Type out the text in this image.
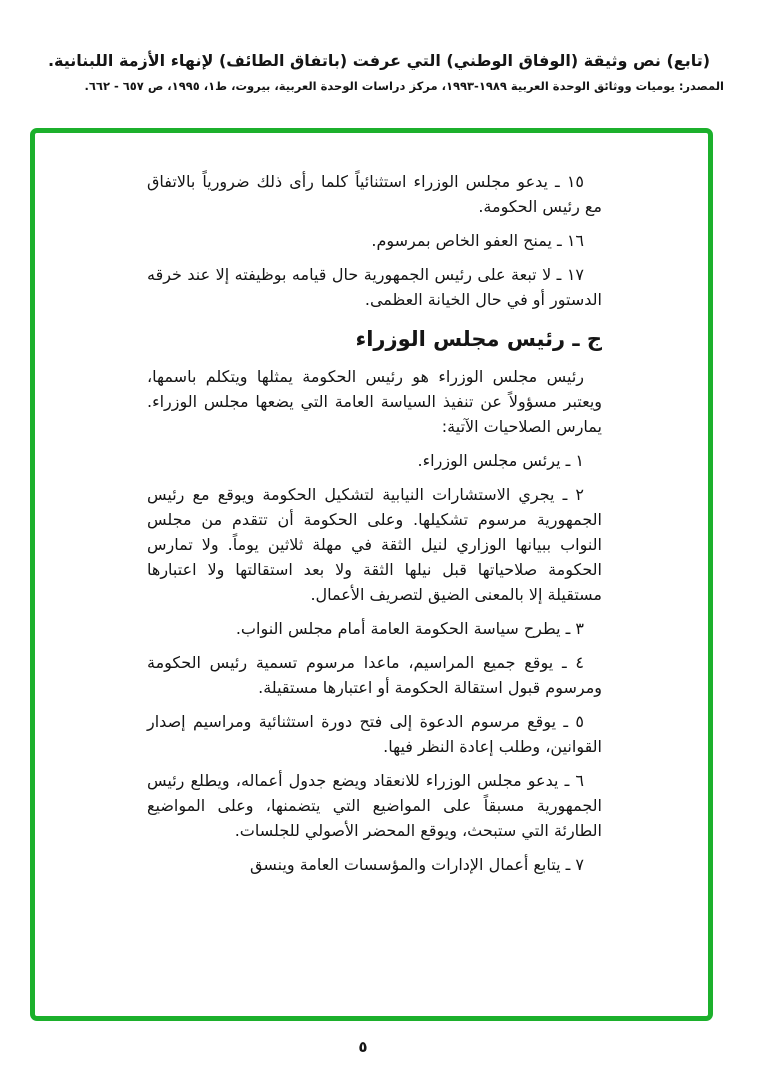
(تابع) نص وثيقة (الوفاق الوطني) التي عرفت (باتفاق الطائف) لإنهاء الأزمة اللبنانية.
المصدر: يوميات ووثائق الوحدة العربية ١٩٨٩-١٩٩٣، مركز دراسات الوحدة العربية، بيروت، ط١، ١٩٩٥، ص ٦٥٧ - ٦٦٢.

١٥ ـ يدعو مجلس الوزراء استثنائياً كلما رأى ذلك ضرورياً بالاتفاق مع رئيس الحكومة.

١٦ ـ يمنح العفو الخاص بمرسوم.

١٧ ـ لا تبعة على رئيس الجمهورية حال قيامه بوظيفته إلا عند خرقه الدستور أو في حال الخيانة العظمى.

ج ـ رئيس مجلس الوزراء

رئيس مجلس الوزراء هو رئيس الحكومة يمثلها ويتكلم باسمها، ويعتبر مسؤولاً عن تنفيذ السياسة العامة التي يضعها مجلس الوزراء. يمارس الصلاحيات الآتية:

١ ـ يرئس مجلس الوزراء.

٢ ـ يجري الاستشارات النيابية لتشكيل الحكومة ويوقع مع رئيس الجمهورية مرسوم تشكيلها. وعلى الحكومة أن تتقدم من مجلس النواب ببيانها الوزاري لنيل الثقة في مهلة ثلاثين يوماً. ولا تمارس الحكومة صلاحياتها قبل نيلها الثقة ولا بعد استقالتها ولا اعتبارها مستقيلة إلا بالمعنى الضيق لتصريف الأعمال.

٣ ـ يطرح سياسة الحكومة العامة أمام مجلس النواب.

٤ ـ يوقع جميع المراسيم، ماعدا مرسوم تسمية رئيس الحكومة ومرسوم قبول استقالة الحكومة أو اعتبارها مستقيلة.

٥ ـ يوقع مرسوم الدعوة إلى فتح دورة استثنائية ومراسيم إصدار القوانين، وطلب إعادة النظر فيها.

٦ ـ يدعو مجلس الوزراء للانعقاد ويضع جدول أعماله، ويطلع رئيس الجمهورية مسبقاً على المواضيع التي يتضمنها، وعلى المواضيع الطارئة التي ستبحث، ويوقع المحضر الأصولي للجلسات.

٧ ـ يتابع أعمال الإدارات والمؤسسات العامة وينسق

٥
